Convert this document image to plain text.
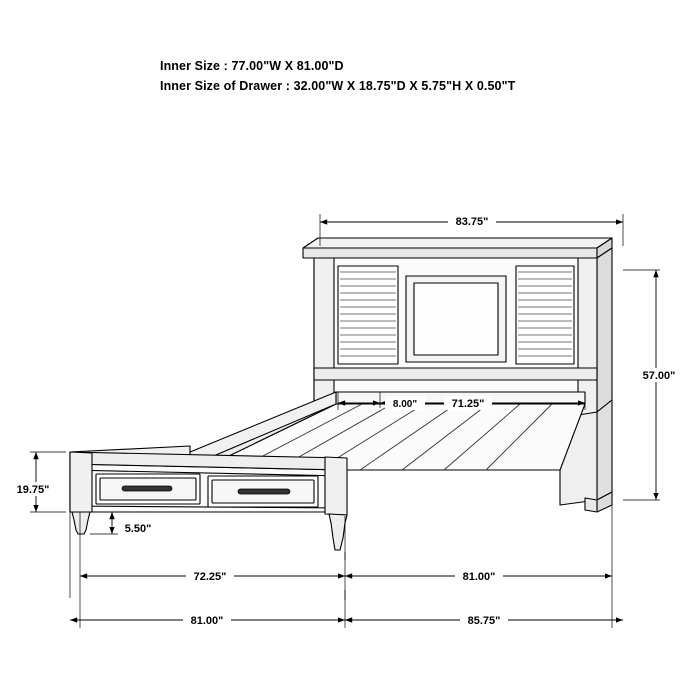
Inner Size : 77.00"W X 81.00"D
Inner Size of Drawer : 32.00"W X 18.75"D X 5.75"H X 0.50"T
83.75"
57.00"
8.00"	71.25"
19.75"
5.50"
72.25"	81.00"
81.00"	85.75"
